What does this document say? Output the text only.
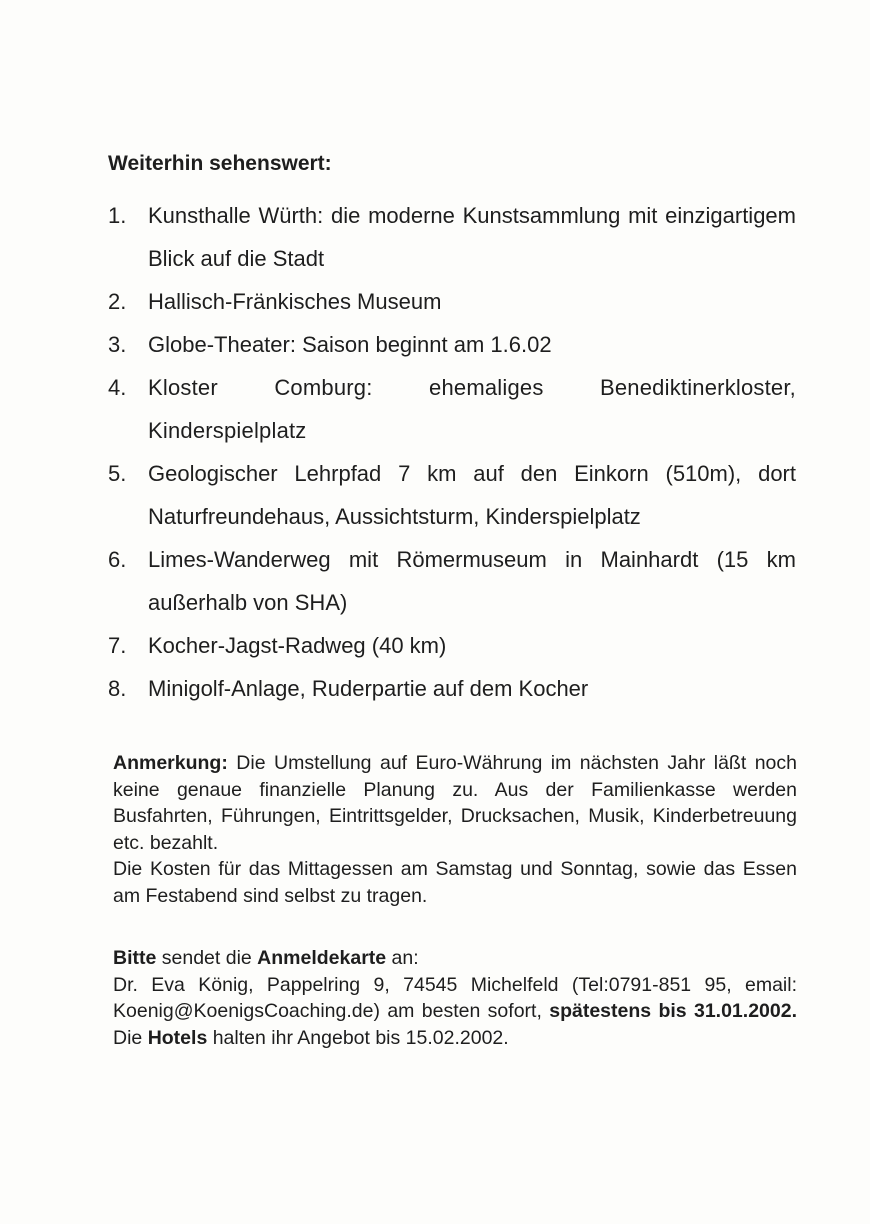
Weiterhin sehenswert:
1. Kunsthalle Würth: die moderne Kunstsammlung mit einzigartigem Blick auf die Stadt
2. Hallisch-Fränkisches Museum
3. Globe-Theater: Saison beginnt am 1.6.02
4. Kloster Comburg: ehemaliges Benediktinerkloster, Kinderspielplatz
5. Geologischer Lehrpfad 7 km auf den Einkorn (510m), dort Naturfreundehaus, Aussichtsturm, Kinderspielplatz
6. Limes-Wanderweg mit Römermuseum in Mainhardt (15 km außerhalb von SHA)
7. Kocher-Jagst-Radweg (40 km)
8. Minigolf-Anlage, Ruderpartie auf dem Kocher

Anmerkung: Die Umstellung auf Euro-Währung im nächsten Jahr läßt noch keine genaue finanzielle Planung zu. Aus der Familienkasse werden Busfahrten, Führungen, Eintrittsgelder, Drucksachen, Musik, Kinderbetreuung etc. bezahlt.

Die Kosten für das Mittagessen am Samstag und Sonntag, sowie das Essen am Festabend sind selbst zu tragen.

Bitte sendet die Anmeldekarte an:

Dr. Eva König, Pappelring 9, 74545 Michelfeld (Tel:0791-851 95, email: Koenig@KoenigsCoaching.de) am besten sofort, spätestens bis 31.01.2002. Die Hotels halten ihr Angebot bis 15.02.2002.
